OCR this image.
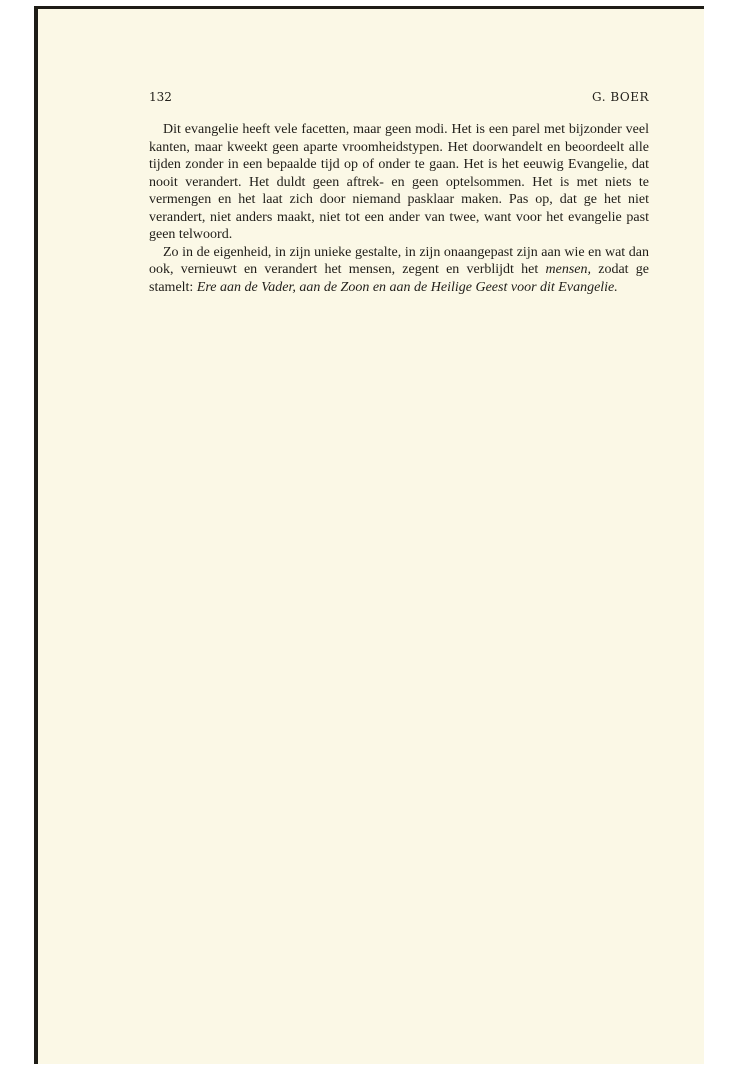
132	G. BOER

Dit evangelie heeft vele facetten, maar geen modi. Het is een parel met bijzonder veel kanten, maar kweekt geen aparte vroomheidstypen. Het doorwandelt en beoordeelt alle tijden zonder in een bepaalde tijd op of onder te gaan. Het is het eeuwig Evangelie, dat nooit verandert. Het duldt geen aftrek- en geen optelsommen. Het is met niets te vermengen en het laat zich door niemand pasklaar maken. Pas op, dat ge het niet verandert, niet anders maakt, niet tot een ander van twee, want voor het evangelie past geen telwoord.

Zo in de eigenheid, in zijn unieke gestalte, in zijn onaangepast zijn aan wie en wat dan ook, vernieuwt en verandert het mensen, zegent en verblijdt het mensen, zodat ge stamelt: Ere aan de Vader, aan de Zoon en aan de Heilige Geest voor dit Evangelie.
